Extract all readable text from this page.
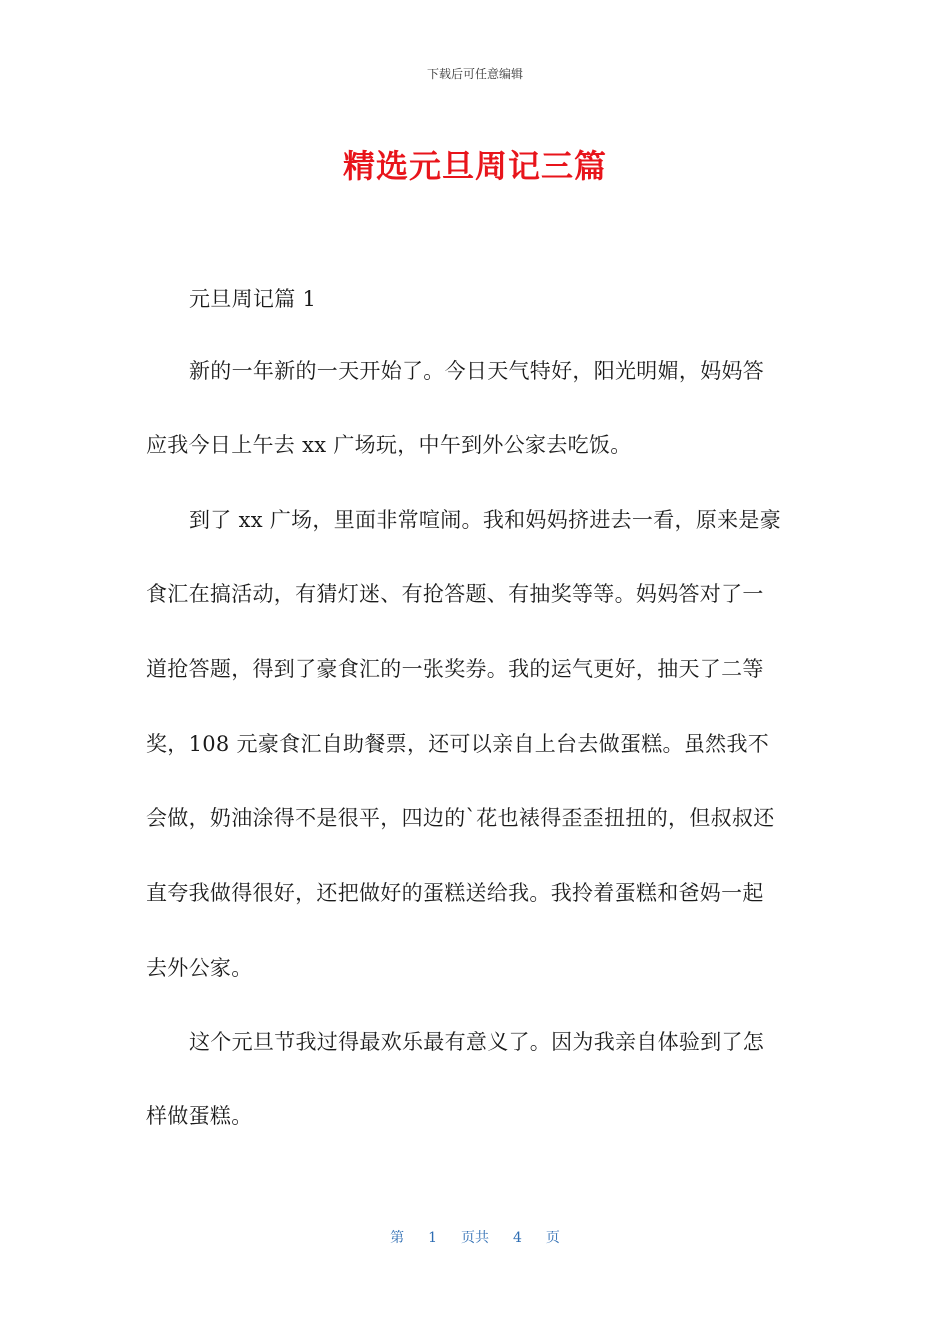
下载后可任意编辑
精选元旦周记三篇
元旦周记篇 1
新的一年新的一天开始了。今日天气特好，阳光明媚，妈妈答
应我今日上午去 xx 广场玩，中午到外公家去吃饭。
到了 xx 广场，里面非常喧闹。我和妈妈挤进去一看，原来是豪
食汇在搞活动，有猜灯迷、有抢答题、有抽奖等等。妈妈答对了一
道抢答题，得到了豪食汇的一张奖券。我的运气更好，抽天了二等
奖，108 元豪食汇自助餐票，还可以亲自上台去做蛋糕。虽然我不
会做，奶油涂得不是很平，四边的`花也裱得歪歪扭扭的，但叔叔还
直夸我做得很好，还把做好的蛋糕送给我。我拎着蛋糕和爸妈一起
去外公家。
这个元旦节我过得最欢乐最有意义了。因为我亲自体验到了怎
样做蛋糕。
第 1 页共 4 页
